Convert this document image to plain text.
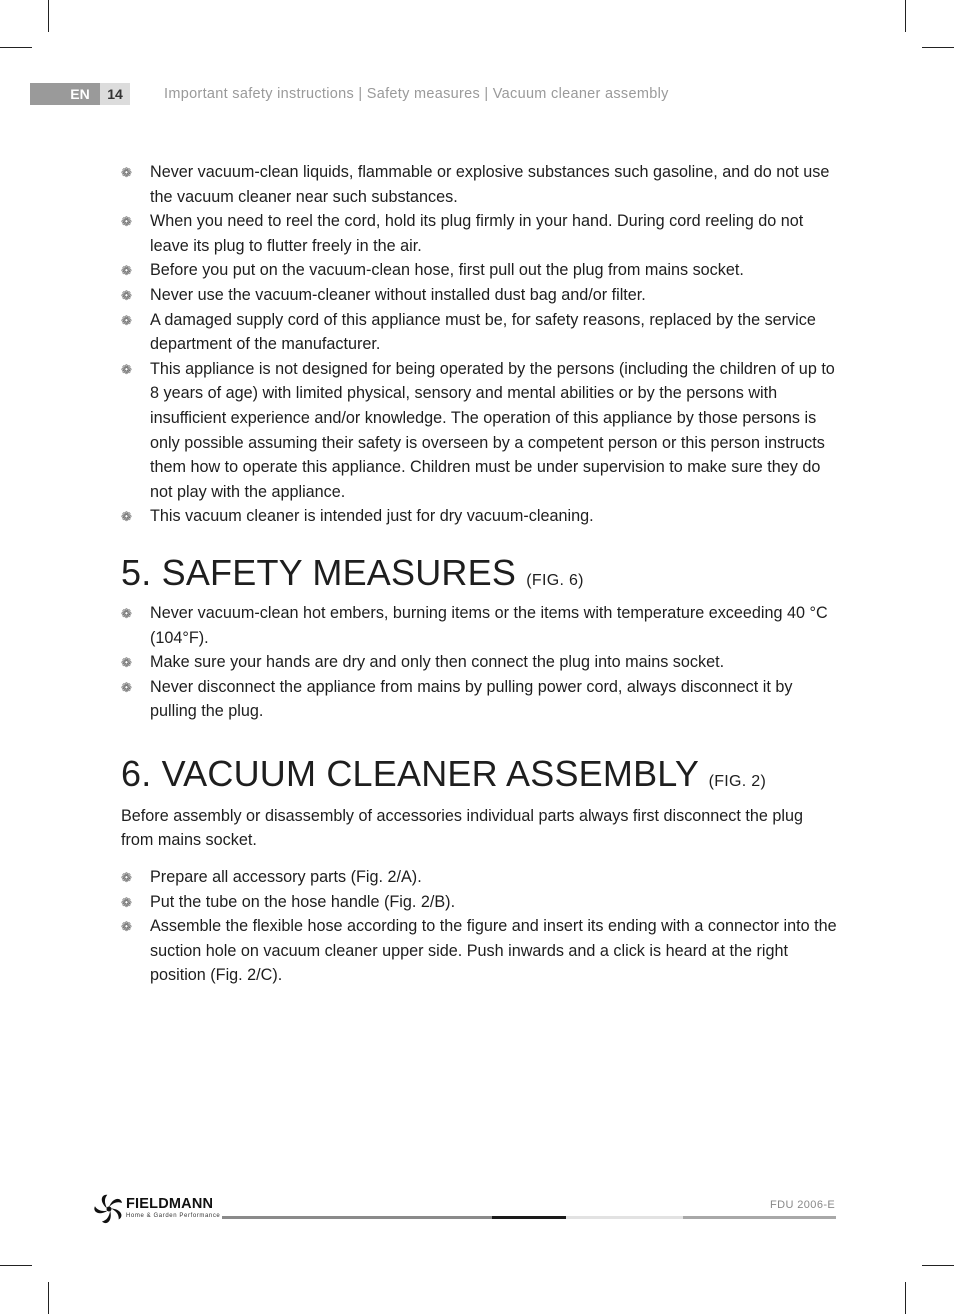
EN	14	Important safety instructions | Safety measures | Vacuum cleaner assembly
❁ Never vacuum-clean liquids, flammable or explosive substances such gasoline, and do not use the vacuum cleaner near such substances.
❁ When you need to reel the cord, hold its plug firmly in your hand. During cord reeling do not leave its plug to flutter freely in the air.
❁ Before you put on the vacuum-clean hose, first pull out the plug from mains socket.
❁ Never use the vacuum-cleaner without installed dust bag and/or filter.
❁ A damaged supply cord of this appliance must be, for safety reasons, replaced by the service department of the manufacturer.
❁ This appliance is not designed for being operated by the persons (including the children of up to 8 years of age) with limited physical, sensory and mental abilities or by the persons with insufficient experience and/or knowledge. The operation of this appliance by those persons is only possible assuming their safety is overseen by a competent person or this person instructs them how to operate this appliance. Children must be under supervision to make sure they do not play with the appliance.
❁ This vacuum cleaner is intended just for dry vacuum-cleaning.
5. SAFETY MEASURES (FIG. 6)
❁ Never vacuum-clean hot embers, burning items or the items with temperature exceeding 40 °C (104°F).
❁ Make sure your hands are dry and only then connect the plug into mains socket.
❁ Never disconnect the appliance from mains by pulling power cord, always disconnect it by pulling the plug.
6. VACUUM CLEANER ASSEMBLY (FIG. 2)

Before assembly or disassembly of accessories individual parts always first disconnect the plug from mains socket.

❁ Prepare all accessory parts (Fig. 2/A).
❁ Put the tube on the hose handle (Fig. 2/B).
❁ Assemble the flexible hose according to the figure and insert its ending with a connector into the suction hole on vacuum cleaner upper side. Push inwards and a click is heard at the right position (Fig. 2/C).
FIELDMANN
Home & Garden Performance
FDU 2006-E
